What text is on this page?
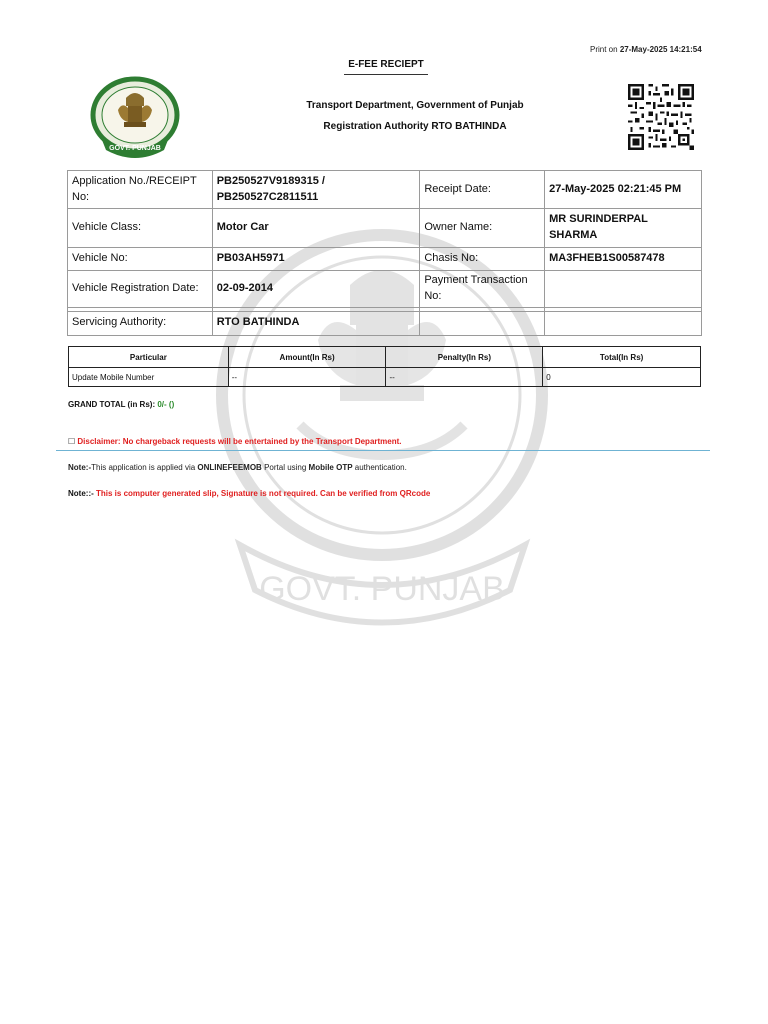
Print on 27-May-2025 14:21:54
E-FEE RECIEPT
GOVT. PUNJAB
Transport Department, Government of Punjab
Registration Authority RTO BATHINDA
GOVT. PUNJAB
Application No./RECEIPT No:	PB250527V9189315 /
PB250527C2811511	Receipt Date:	27-May-2025 02:21:45 PM
Vehicle Class:	Motor Car	Owner Name:	MR SURINDERPAL SHARMA
Vehicle No:	PB03AH5971	Chasis No:	MA3FHEB1S00587478
Vehicle Registration Date:	02-09-2014	Payment Transaction No:	

Servicing Authority:	RTO BATHINDA		
Particular	Amount(In Rs)	Penalty(In Rs)	Total(In Rs)
Update Mobile Number	--	--	0
GRAND TOTAL (in Rs): 0/- ()
☐ Disclaimer: No chargeback requests will be entertained by the Transport Department.
Note:-This application is applied via ONLINEFEEMOB Portal using Mobile OTP authentication.
Note::- This is computer generated slip, Signature is not required. Can be verified from QRcode
